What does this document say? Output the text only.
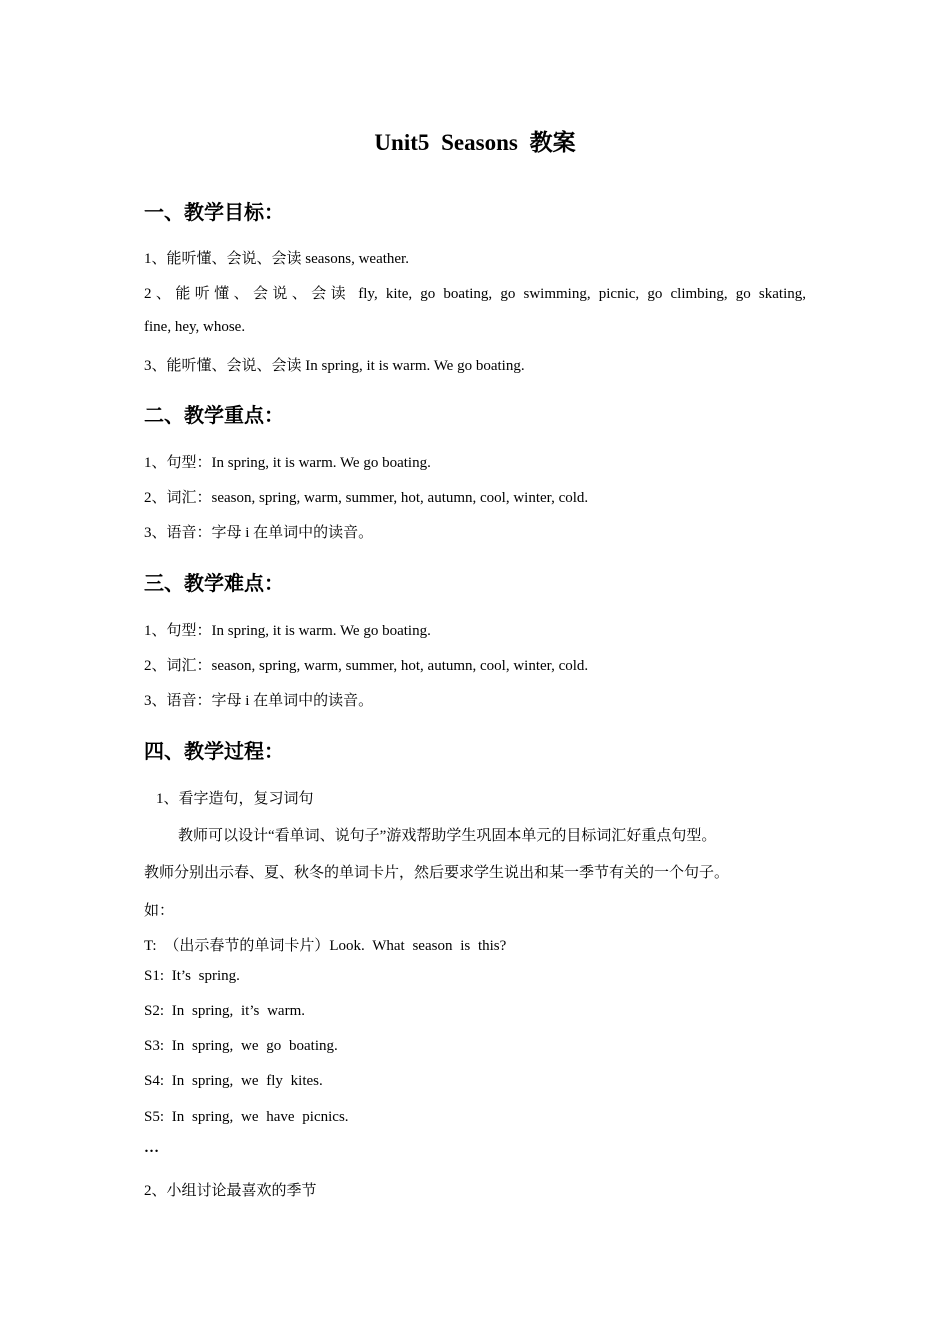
Unit5 Seasons 教案
一、教学目标：
1、能听懂、会说、会读 seasons, weather.
2、能听懂、会说、会读 fly, kite, go boating, go swimming, picnic, go climbing, go skating,
fine, hey, whose.
3、能听懂、会说、会读 In spring, it is warm. We go boating.
二、教学重点：
1、句型：In spring, it is warm. We go boating.
2、词汇：season, spring, warm, summer, hot, autumn, cool, winter, cold.
3、语音：字母 i 在单词中的读音。
三、教学难点：
1、句型：In spring, it is warm. We go boating.
2、词汇：season, spring, warm, summer, hot, autumn, cool, winter, cold.
3、语音：字母 i 在单词中的读音。
四、教学过程：
1、看字造句，复习词句
教师可以设计“看单词、说句子”游戏帮助学生巩固本单元的目标词汇好重点句型。
教师分别出示春、夏、秋冬的单词卡片，然后要求学生说出和某一季节有关的一个句子。
如：
T: （出示春节的单词卡片）Look. What season is this?
S1: It’s spring.
S2: In spring, it’s warm.
S3: In spring, we go boating.
S4: In spring, we fly kites.
S5: In spring, we have picnics.
…
2、小组讨论最喜欢的季节
